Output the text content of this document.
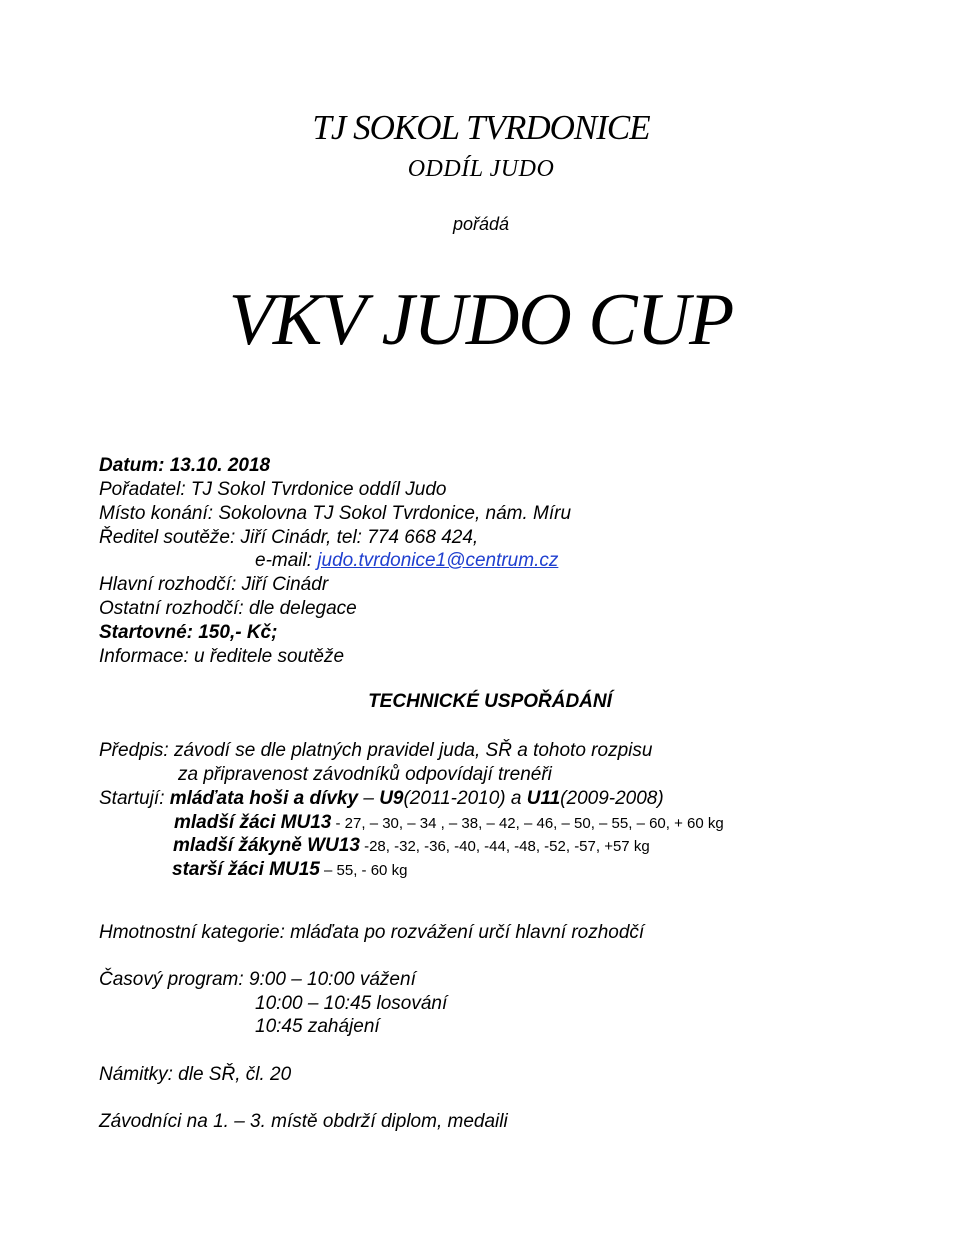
TJ SOKOL TVRDONICE
ODDÍL JUDO
pořádá
VKV JUDO CUP
Datum: 13.10. 2018
Pořadatel: TJ Sokol Tvrdonice oddíl Judo
Místo konání: Sokolovna TJ Sokol Tvrdonice, nám. Míru
Ředitel soutěže: Jiří Cinádr, tel: 774 668 424,
e-mail: judo.tvrdonice1@centrum.cz
Hlavní rozhodčí: Jiří Cinádr
Ostatní rozhodčí: dle delegace
Startovné: 150,- Kč;
Informace: u ředitele soutěže
TECHNICKÉ USPOŘÁDÁNÍ
Předpis: závodí se dle platných pravidel juda, SŘ a tohoto rozpisu
za připravenost závodníků odpovídají trenéři
Startují: mláďata hoši a dívky – U9(2011-2010) a U11(2009-2008)
mladší žáci MU13 - 27, – 30, – 34 , – 38, – 42, – 46, – 50, – 55, – 60, + 60 kg
mladší žákyně WU13 -28, -32, -36, -40, -44, -48, -52, -57, +57 kg
starší žáci MU15 – 55, - 60 kg
Hmotnostní kategorie: mláďata po rozvážení určí hlavní rozhodčí
Časový program: 9:00 – 10:00 vážení
10:00 – 10:45 losování
10:45 zahájení
Námitky: dle SŘ, čl. 20
Závodníci na 1. – 3. místě obdrží diplom, medaili
